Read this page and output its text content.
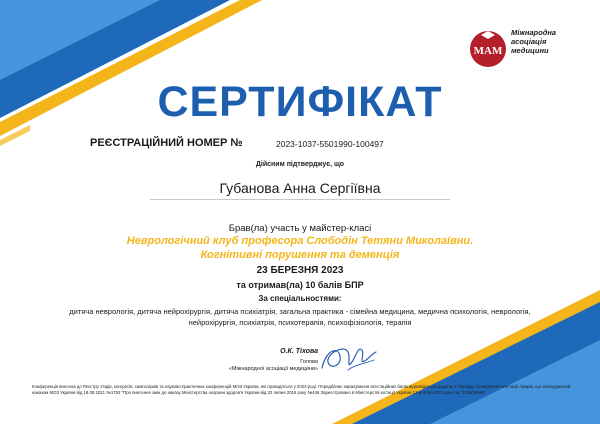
МАМ
Міжнародна
асоціація
медицини
СЕРТИФІКАТ
РЕЄСТРАЦІЙНИЙ НОМЕР №	2023-1037-5501990-100497
Дійсним підтверджує, що
Губанова Анна Сергіївна
Брав(ла) участь у майстер-класі
Неврологічний клуб професора Слободін Тетяни Миколаївни.
Когнітивні порушення та деменція
23 БЕРЕЗНЯ 2023
та отримав(ла) 10 балів БПР
За спеціальностями:
дитяча неврологія, дитяча нейрохірургія, дитяча психіатрія, загальна практика - сімейна медицина, медична психологія, неврологія,
нейрохірургія, психіатрія, психотерапія, психофізіологія, терапія
О.К. Тіхова
Голова
«Міжнародної асоціації медицини»
Конференція внесена до Реєстру з'їздів, конгресів, симпозіумів та науково-практичних конференцій МОЗ України, які проводяться у 2023 році. Передбачає нарахування атестаційних балів відповідно до додатку 4 Порядку проведення атестації лікарів, що затверджений наказом МОЗ України від 18.08.2021 №1753 "Про внесення змін до наказу Міністерства охорони здоров'я України від 22 липня 2019 року №446 Зареєстровано в Міністерстві юстиції України 13 жовтня 2021 року за "1338/36960"
